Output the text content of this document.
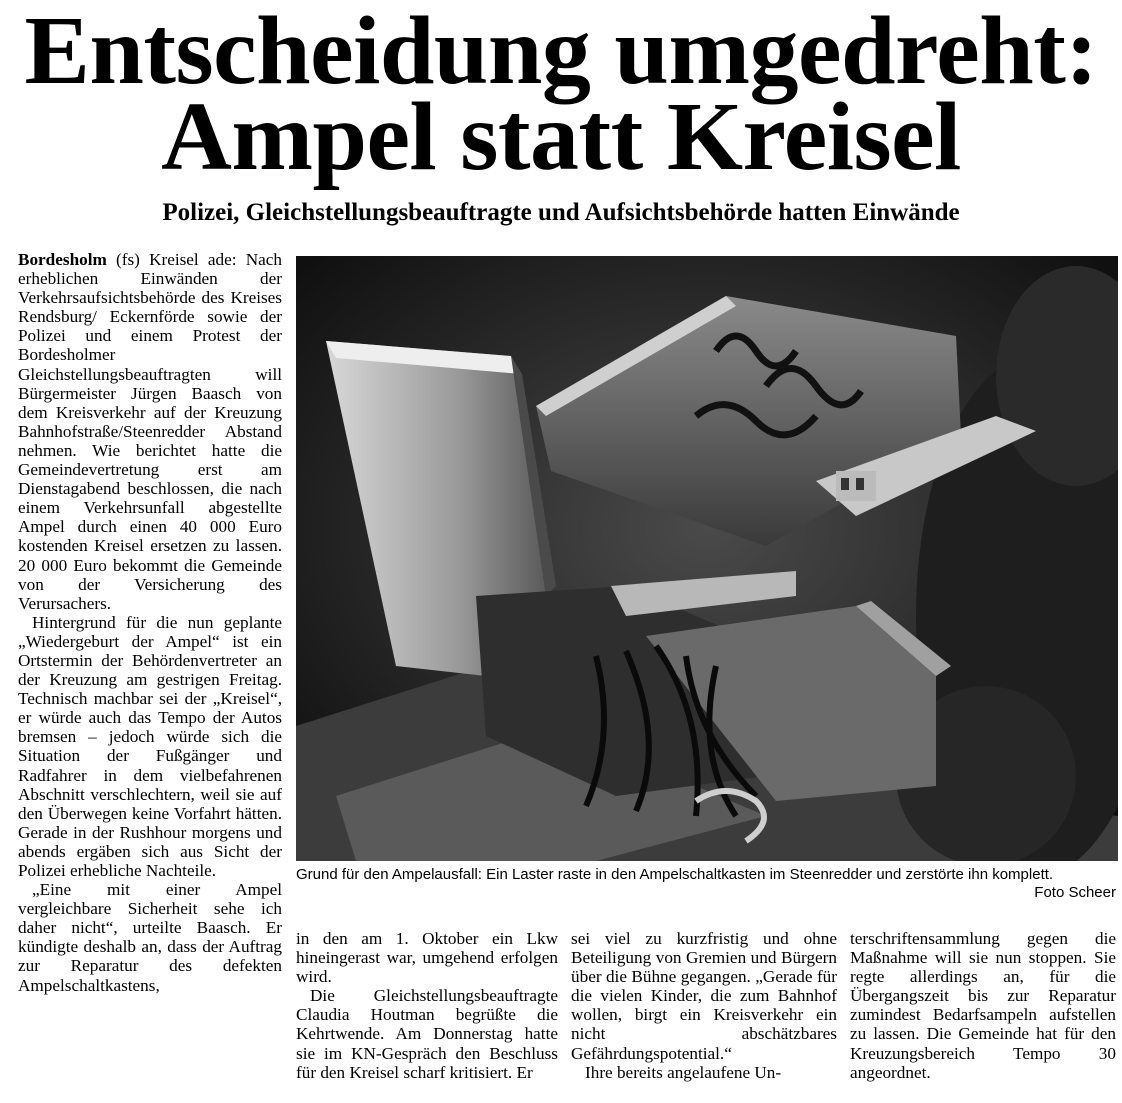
Entscheidung umgedreht:
Ampel statt Kreisel
Polizei, Gleichstellungsbeauftragte und Aufsichtsbehörde hatten Einwände

Bordesholm (fs) Kreisel ade: Nach erheblichen Einwänden der Verkehrsaufsichtsbehörde des Kreises Rendsburg/ Eckernförde sowie der Polizei und einem Protest der Bordesholmer Gleichstellungsbeauftragten will Bürgermeister Jürgen Baasch von dem Kreisverkehr auf der Kreuzung Bahnhofstraße/Steenredder Abstand nehmen. Wie berichtet hatte die Gemeindevertretung erst am Dienstagabend beschlossen, die nach einem Verkehrsunfall abgestellte Ampel durch einen 40 000 Euro kostenden Kreisel ersetzen zu lassen. 20 000 Euro bekommt die Gemeinde von der Versicherung des Verursachers.

Hintergrund für die nun geplante „Wiedergeburt der Ampel“ ist ein Ortstermin der Behördenvertreter an der Kreuzung am gestrigen Freitag. Technisch machbar sei der „Kreisel“, er würde auch das Tempo der Autos bremsen – jedoch würde sich die Situation der Fußgänger und Radfahrer in dem vielbefahrenen Abschnitt verschlechtern, weil sie auf den Überwegen keine Vorfahrt hätten. Gerade in der Rushhour morgens und abends ergäben sich aus Sicht der Polizei erhebliche Nachteile.

„Eine mit einer Ampel vergleichbare Sicherheit sehe ich daher nicht“, urteilte Baasch. Er kündigte deshalb an, dass der Auftrag zur Reparatur des defekten Ampelschaltkastens,

Grund für den Ampelausfall: Ein Laster raste in den Ampelschaltkasten im Steenredder und zerstörte ihn komplett.
Foto Scheer

in den am 1. Oktober ein Lkw hineingerast war, umgehend erfolgen wird.

Die Gleichstellungsbeauftragte Claudia Houtman begrüßte die Kehrtwende. Am Donnerstag hatte sie im KN-Gespräch den Beschluss für den Kreisel scharf kritisiert. Er

sei viel zu kurzfristig und ohne Beteiligung von Gremien und Bürgern über die Bühne gegangen. „Gerade für die vielen Kinder, die zum Bahnhof wollen, birgt ein Kreisverkehr ein nicht abschätzbares Gefährdungspotential.“

Ihre bereits angelaufene Un-

terschriftensammlung gegen die Maßnahme will sie nun stoppen. Sie regte allerdings an, für die Übergangszeit bis zur Reparatur zumindest Bedarfsampeln aufstellen zu lassen. Die Gemeinde hat für den Kreuzungsbereich Tempo 30 angeordnet.
